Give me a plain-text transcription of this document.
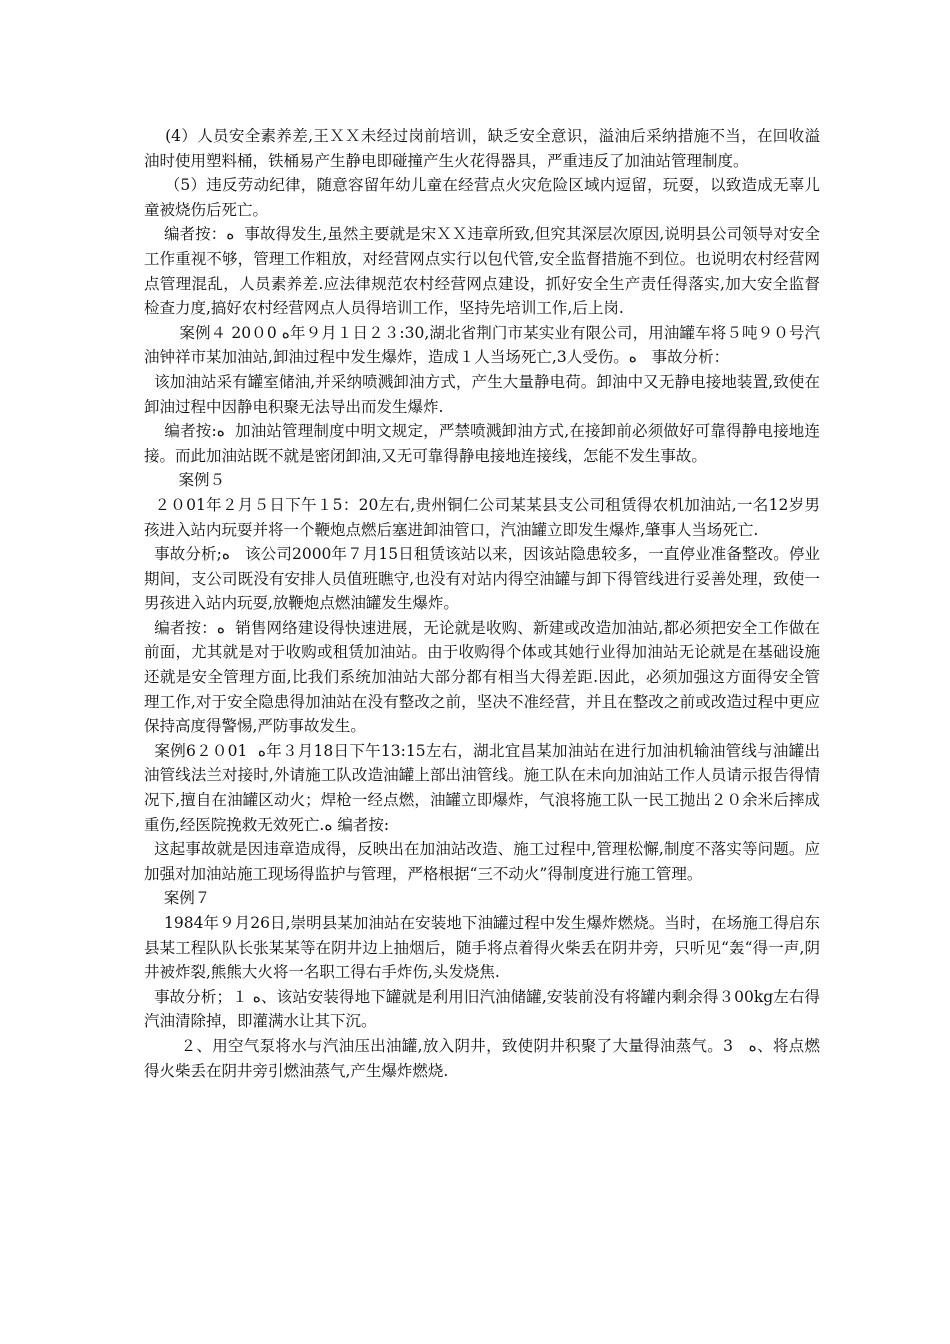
(4）人员安全素养差,王ＸＸ未经过岗前培训，缺乏安全意识，溢油后采纳措施不当，在回收溢油时使用塑料桶，铁桶易产生静电即碰撞产生火花得器具，严重违反了加油站管理制度。

（5）违反劳动纪律，随意容留年幼儿童在经营点火灾危险区域内逗留，玩耍，以致造成无辜儿童被烧伤后死亡。

编者按：ﻩ  事故得发生,虽然主要就是宋ＸＸ违章所致,但究其深层次原因,说明县公司领导对安全工作重视不够，管理工作粗放，对经营网点实行以包代管,安全监督措施不到位。也说明农村经营网点管理混乱，人员素养差.应法律规范农村经营网点建设，抓好安全生产责任得落实,加大安全监督检查力度,搞好农村经营网点人员得培训工作，坚持先培训工作,后上岗.

案例４ 20０0 ﻩ年９月１日２３:30,湖北省荆门市某实业有限公司，用油罐车将５吨９０号汽油钟祥市某加油站,卸油过程中发生爆炸，造成１人当场死亡,3人受伤。ﻩ   事故分析：

该加油站采有罐室储油,并采纳喷溅卸油方式，产生大量静电荷。卸油中又无静电接地装置,致使在卸油过程中因静电积聚无法导出而发生爆炸.

编者按:ﻩ  加油站管理制度中明文规定，严禁喷溅卸油方式,在接卸前必须做好可靠得静电接地连接。而此加油站既不就是密闭卸油,又无可靠得静电接地连接线，怎能不发生事故。

案例５

２０01年２月５日下午１5：20左右,贵州铜仁公司某某县支公司租赁得农机加油站,一名12岁男孩进入站内玩耍并将一个鞭炮点燃后塞进卸油管口，汽油罐立即发生爆炸,肇事人当场死亡.

事故分析;ﻩ   该公司2000年７月15日租赁该站以来，因该站隐患较多，一直停业准备整改。停业期间，支公司既没有安排人员值班瞧守,也没有对站内得空油罐与卸下得管线进行妥善处理，致使一男孩进入站内玩耍,放鞭炮点燃油罐发生爆炸。

编者按：ﻩ  销售网络建设得快速进展，无论就是收购、新建或改造加油站,都必须把安全工作做在前面，尤其就是对于收购或租赁加油站。由于收购得个体或其她行业得加油站无论就是在基础设施还就是安全管理方面,比我们系统加油站大部分都有相当大得差距.因此，必须加强这方面得安全管理工作,对于安全隐患得加油站在没有整改之前，坚决不准经营，并且在整改之前或改造过程中更应保持高度得警惕,严防事故发生。

案例6２０01  ﻩ年３月18日下午13:15左右，湖北宜昌某加油站在进行加油机输油管线与油罐出油管线法兰对接时,外请施工队改造油罐上部出油管线。施工队在未向加油站工作人员请示报告得情况下,擅自在油罐区动火；焊枪一经点燃，油罐立即爆炸，气浪将施工队一民工抛出２０余米后摔成重伤,经医院挽救无效死亡.ﻩ 编者按:

这起事故就是因违章造成得，反映出在加油站改造、施工过程中,管理松懈,制度不落实等问题。应加强对加油站施工现场得监护与管理，严格根据“三不动火”得制度进行施工管理。

案例７

1984年９月26日,崇明县某加油站在安装地下油罐过程中发生爆炸燃烧。当时，在场施工得启东县某工程队队长张某某等在阴井边上抽烟后，随手将点着得火柴丢在阴井旁，只听见“轰“得一声,阴井被炸裂,熊熊大火将一名职工得右手炸伤,头发烧焦.

事故分析；１ ﻩ、该站安装得地下罐就是利用旧汽油储罐,安装前没有将罐内剩余得３00kg左右得汽油清除掉，即灌满水让其下沉。

２、用空气泵将水与汽油压出油罐,放入阴井，致使阴井积聚了大量得油蒸气。3   ﻩ、将点燃得火柴丢在阴井旁引燃油蒸气,产生爆炸燃烧.
